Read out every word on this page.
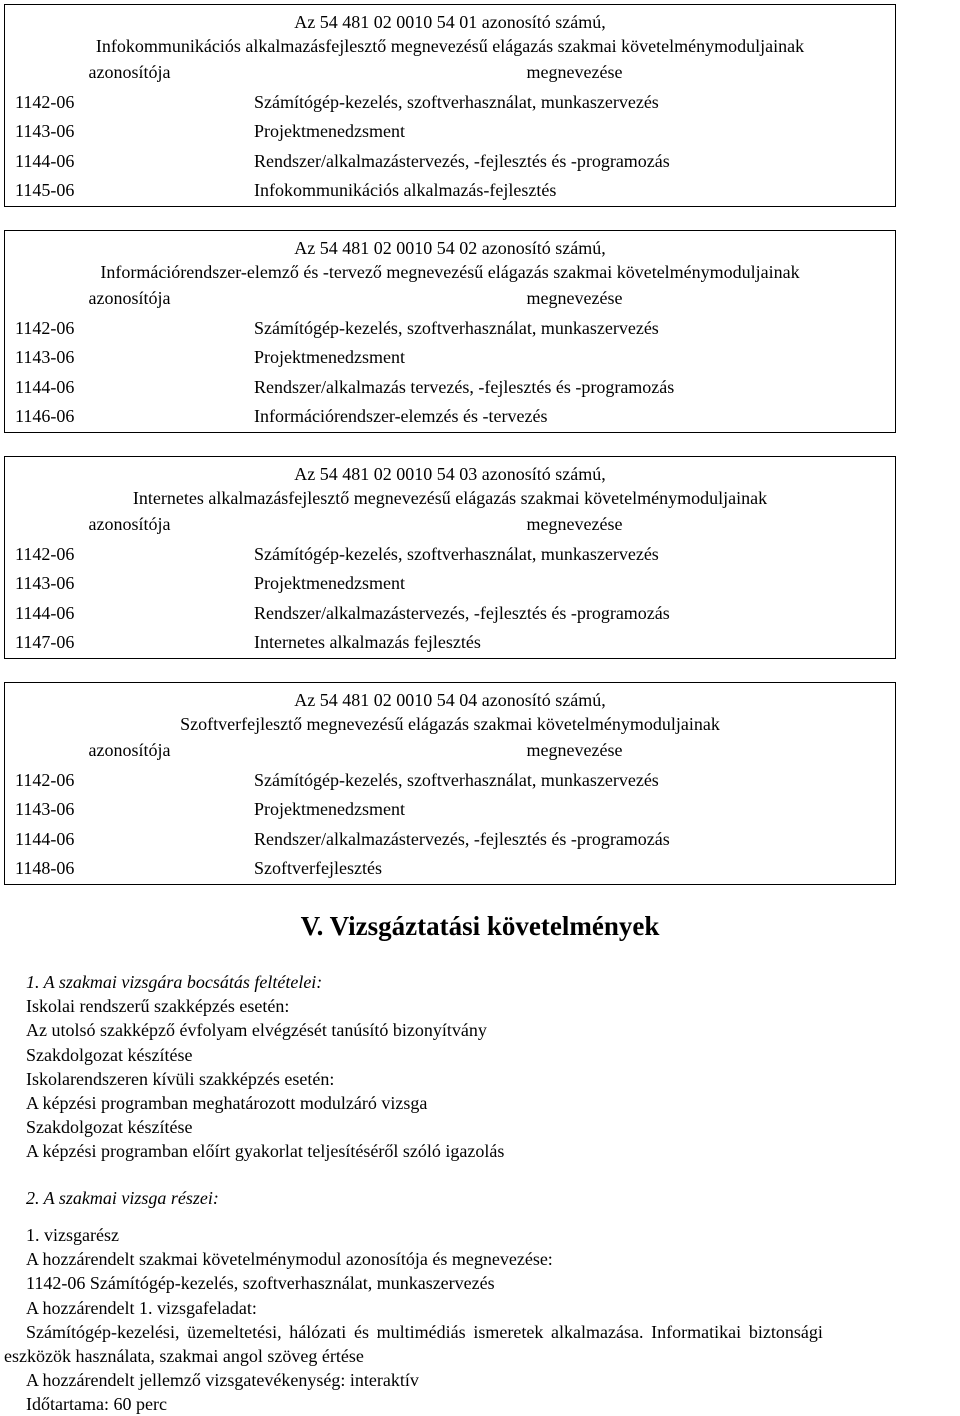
Az 54 481 02 0010 54 01 azonosító számú,
Infokommunikációs alkalmazásfejlesztő megnevezésű elágazás szakmai követelménymoduljainak
azonosítója	megnevezése
1142-06	Számítógép-kezelés, szoftverhasználat, munkaszervezés
1143-06	Projektmenedzsment
1144-06	Rendszer/alkalmazástervezés, -fejlesztés és -programozás
1145-06	Infokommunikációs alkalmazás-fejlesztés
Az 54 481 02 0010 54 02 azonosító számú,
Információrendszer-elemző és -tervező megnevezésű elágazás szakmai követelménymoduljainak
azonosítója	megnevezése
1142-06	Számítógép-kezelés, szoftverhasználat, munkaszervezés
1143-06	Projektmenedzsment
1144-06	Rendszer/alkalmazás tervezés, -fejlesztés és -programozás
1146-06	Információrendszer-elemzés és -tervezés
Az 54 481 02 0010 54 03 azonosító számú,
Internetes alkalmazásfejlesztő megnevezésű elágazás szakmai követelménymoduljainak
azonosítója	megnevezése
1142-06	Számítógép-kezelés, szoftverhasználat, munkaszervezés
1143-06	Projektmenedzsment
1144-06	Rendszer/alkalmazástervezés, -fejlesztés és -programozás
1147-06	Internetes alkalmazás fejlesztés
Az 54 481 02 0010 54 04 azonosító számú,
Szoftverfejlesztő megnevezésű elágazás szakmai követelménymoduljainak
azonosítója	megnevezése
1142-06	Számítógép-kezelés, szoftverhasználat, munkaszervezés
1143-06	Projektmenedzsment
1144-06	Rendszer/alkalmazástervezés, -fejlesztés és -programozás
1148-06	Szoftverfejlesztés
V. Vizsgáztatási követelmények
1. A szakmai vizsgára bocsátás feltételei:
Iskolai rendszerű szakképzés esetén:
Az utolsó szakképző évfolyam elvégzését tanúsító bizonyítvány
Szakdolgozat készítése
Iskolarendszeren kívüli szakképzés esetén:
A képzési programban meghatározott modulzáró vizsga
Szakdolgozat készítése
A képzési programban előírt gyakorlat teljesítéséről szóló igazolás
2. A szakmai vizsga részei:
1. vizsgarész
A hozzárendelt szakmai követelménymodul azonosítója és megnevezése:
1142-06 Számítógép-kezelés, szoftverhasználat, munkaszervezés
A hozzárendelt 1. vizsgafeladat:
Számítógép-kezelési, üzemeltetési, hálózati és multimédiás ismeretek alkalmazása. Informatikai biztonsági
eszközök használata, szakmai angol szöveg értése
A hozzárendelt jellemző vizsgatevékenység: interaktív
Időtartama: 60 perc
